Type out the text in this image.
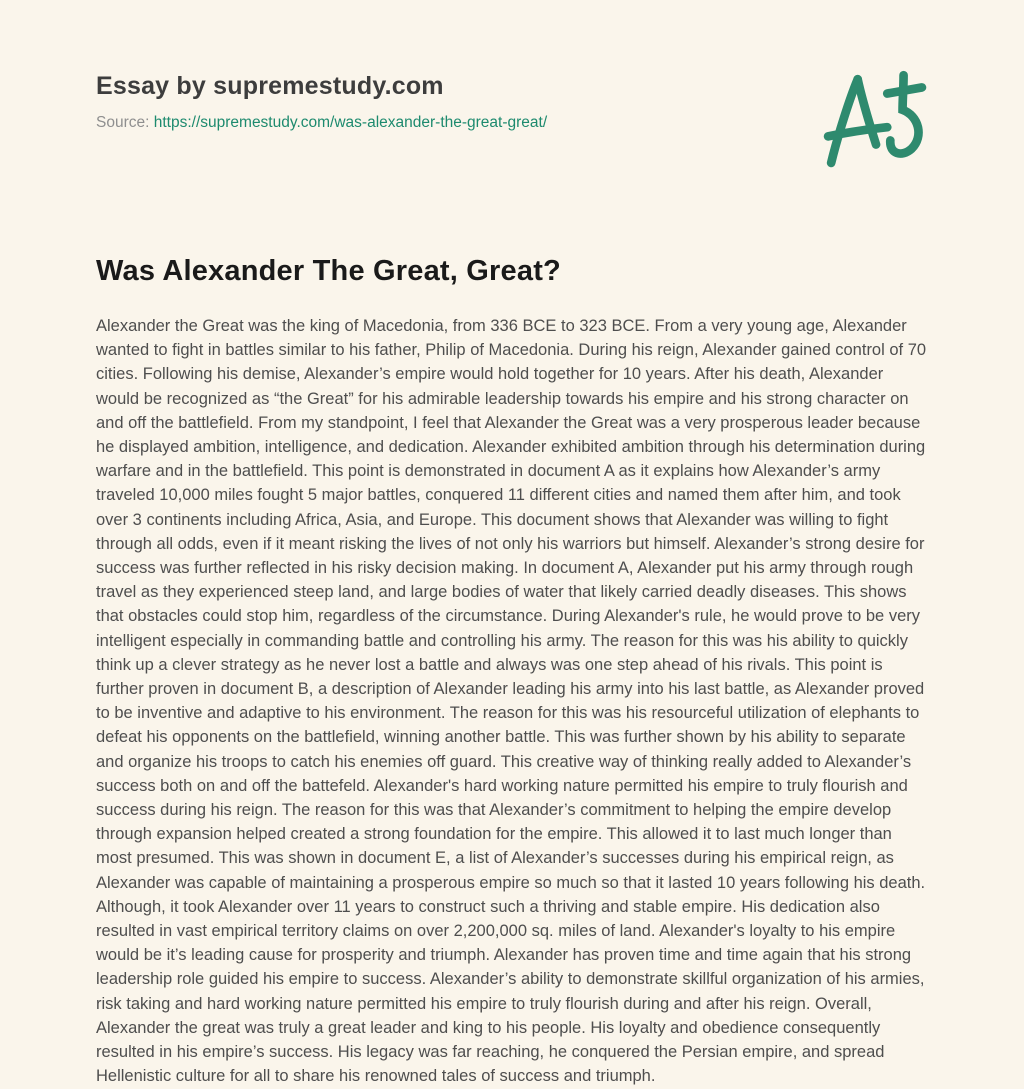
Essay by supremestudy.com
Source: https://supremestudy.com/was-alexander-the-great-great/
Was Alexander The Great, Great?

Alexander the Great was the king of Macedonia, from 336 BCE to 323 BCE. From a very young age, Alexander wanted to fight in battles similar to his father, Philip of Macedonia. During his reign, Alexander gained control of 70 cities. Following his demise, Alexander’s empire would hold together for 10 years. After his death, Alexander would be recognized as “the Great” for his admirable leadership towards his empire and his strong character on and off the battlefield. From my standpoint, I feel that Alexander the Great was a very prosperous leader because he displayed ambition, intelligence, and dedication. Alexander exhibited ambition through his determination during warfare and in the battlefield. This point is demonstrated in document A as it explains how Alexander’s army traveled 10,000 miles fought 5 major battles, conquered 11 different cities and named them after him, and took over 3 continents including Africa, Asia, and Europe. This document shows that Alexander was willing to fight through all odds, even if it meant risking the lives of not only his warriors but himself. Alexander’s strong desire for success was further reflected in his risky decision making. In document A, Alexander put his army through rough travel as they experienced steep land, and large bodies of water that likely carried deadly diseases. This shows that obstacles could stop him, regardless of the circumstance. During Alexander's rule, he would prove to be very intelligent especially in commanding battle and controlling his army. The reason for this was his ability to quickly think up a clever strategy as he never lost a battle and always was one step ahead of his rivals. This point is further proven in document B, a description of Alexander leading his army into his last battle, as Alexander proved to be inventive and adaptive to his environment. The reason for this was his resourceful utilization of elephants to defeat his opponents on the battlefield, winning another battle. This was further shown by his ability to separate and organize his troops to catch his enemies off guard. This creative way of thinking really added to Alexander’s success both on and off the battefeld. Alexander's hard working nature permitted his empire to truly flourish and success during his reign. The reason for this was that Alexander’s commitment to helping the empire develop through expansion helped created a strong foundation for the empire. This allowed it to last much longer than most presumed. This was shown in document E, a list of Alexander’s successes during his empirical reign, as Alexander was capable of maintaining a prosperous empire so much so that it lasted 10 years following his death. Although, it took Alexander over 11 years to construct such a thriving and stable empire. His dedication also resulted in vast empirical territory claims on over 2,200,000 sq. miles of land. Alexander's loyalty to his empire would be it’s leading cause for prosperity and triumph. Alexander has proven time and time again that his strong leadership role guided his empire to success. Alexander’s ability to demonstrate skillful organization of his armies, risk taking and hard working nature permitted his empire to truly flourish during and after his reign. Overall, Alexander the great was truly a great leader and king to his people. His loyalty and obedience consequently resulted in his empire’s success. His legacy was far reaching, he conquered the Persian empire, and spread Hellenistic culture for all to share his renowned tales of success and triumph.
